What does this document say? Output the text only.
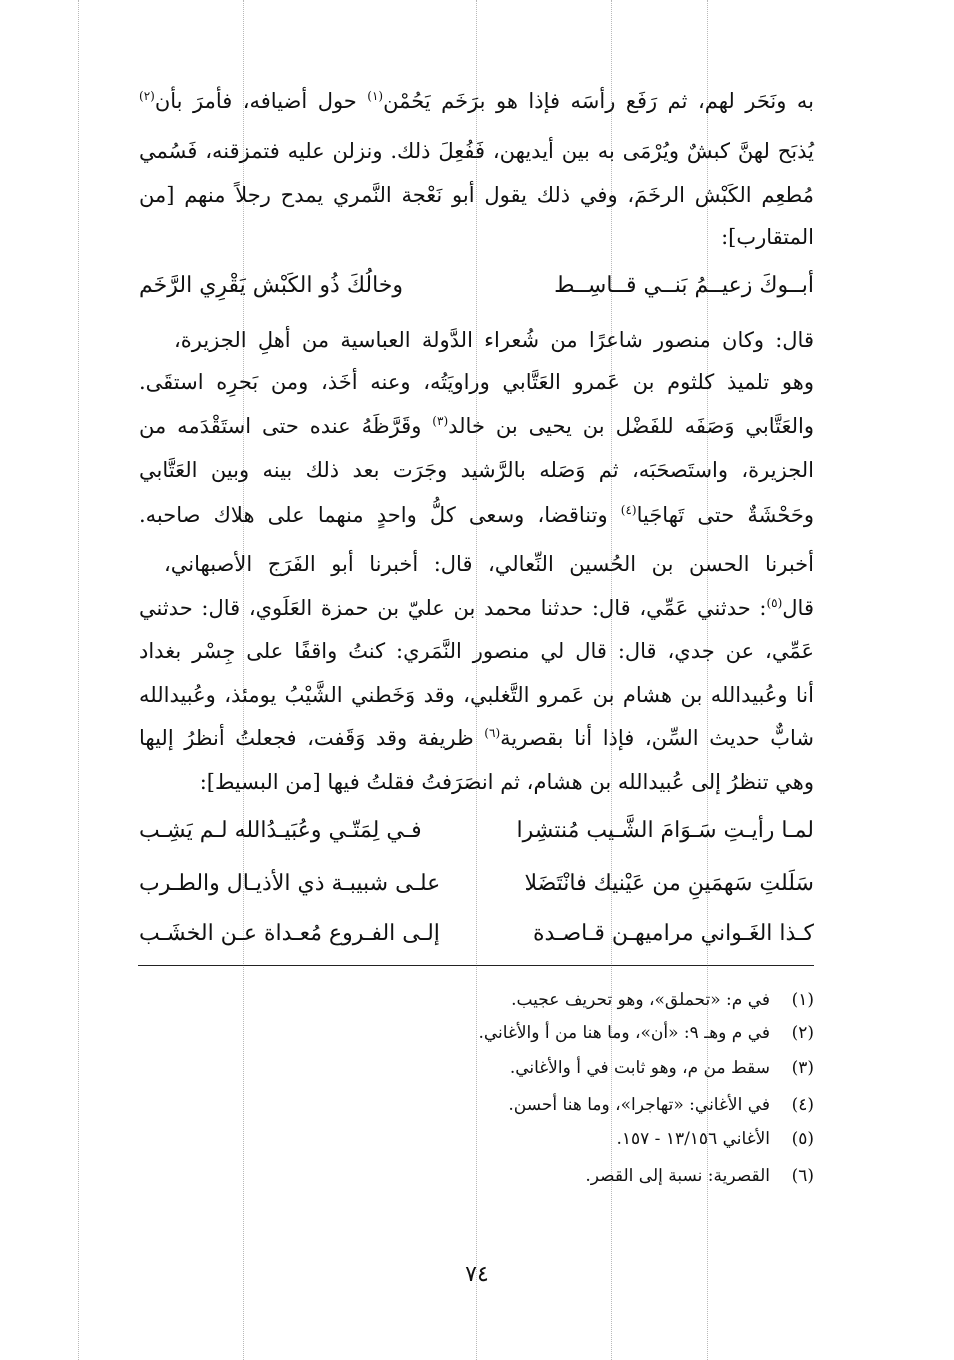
به ونَحَر لهم، ثم رَفَع رأسَه فإذا هو برَخَم يَحُمْن$^{(١)}$ حول أضيافه، فأمرَ بأن$^{(٢)}$
يُذبَح لهنَّ كبشٌ ويُرْمَى به بين أيديهن، فَفُعِلَ ذلك. ونزلن عليه فتمزقنه، فَسُمي
مُطعِم الكَبْش الرخَمَ، وفي ذلك يقول أبو نَعْجة النَّمري يمدح رجلاً منهم [من
المتقارب]:
أبــوكَ زعيــمُ بَنــي قــاسِــط
وخالُكَ ذُو الكَبْش يَقْرِي الرَّخَم
قال: وكان منصور شاعرًا من شُعراء الدَّولة العباسية من أهلِ الجزيرة،
وهو تلميذ كلثوم بن عَمرو العَتَّابي وراويَتُه، وعنه أخَذ، ومن بَحرِه استقَى.
والعَتَّابي وَصَفَه للفَضْل بن يحيى بن خالد$^{(٣)}$ وقَرَّظَهُ عنده حتى استَقْدَمه من
الجزيرة، واستَصحَبَه، ثم وَصَله بالرَّشيد وجَرَت بعد ذلك بينه وبين العَتَّابي
وحَحْشَةٌ حتى تَهاجَيا$^{(٤)}$ وتناقضا، وسعى كلُّ واحدٍ منهما على هلاك صاحبه.
أخبرنا الحسن بن الحُسين النِّعالي، قال: أخبرنا أبو الفَرَج الأصبهاني،
قال$^{(٥)}$: حدثني عَمِّي، قال: حدثنا محمد بن عليّ بن حمزة العَلَوي، قال: حدثني
عَمِّي، عن جدي، قال: قال لي منصور النَّمَري: كنتُ واقفًا على جِسْر بغداد
أنا وعُبيدالله بن هشام بن عَمرو التَّغلبي، وقد وَخَطني الشَّيْبُ يومئذ، وعُبيدالله
شابٌّ حديث السِّن، فإذا أنا بقصرية$^{(٦)}$ ظريفة وقد وَقَفت، فجعلتُ أنظرُ إليها
وهي تنظرُ إلى عُبيدالله بن هشام، ثم انصَرَفتُ فقلتُ فيها [من البسيط]:
لمـا رأيـتِ سَـوَامَ الشَّـيب مُنتشِرا
فـي لِمَتّـي وعُبَيـدُالله لـم يَشِـب
سَلَلتِ سَهمَينِ من عَيْنيك فانْتَضَلا
علـى شبيبـة ذي الأذيـال والطـرب
كـذا الغَـواني مراميهـن قـاصـدة
إلـى الفـروع مُعـداة عـن الخشَـب
(١)في م: «تحملق»، وهو تحريف عجيب.
(٢)في م وهـ ٩: «أن»، وما هنا من أ والأغاني.
(٣)سقط من م، وهو ثابت في أ والأغاني.
(٤)في الأغاني: «تهاجرا»، وما هنا أحسن.
(٥)الأغاني ١٣/١٥٦ - ١٥٧.
(٦)القصرية: نسبة إلى القصر.
٧٤
